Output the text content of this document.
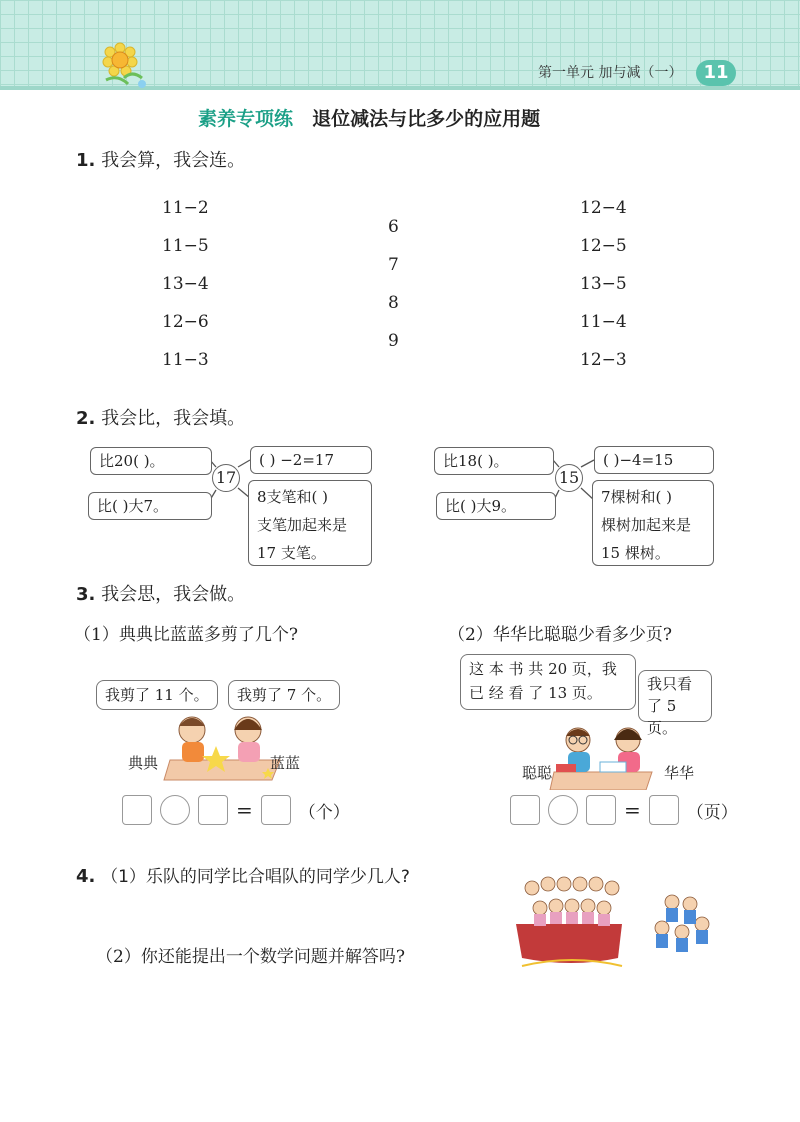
第一单元 加与减（一）	11
素养专项练 退位减法与比多少的应用题
1. 我会算，我会连。
11−2
11−5
13−4
12−6
11−3
6
7
8
9
12−4
12−5
13−5
11−4
12−3
2. 我会比，我会填。
比20( )。
比( )大7。
17
( ) −2=17
8支笔和( )
支笔加起来是
17 支笔。
比18( )。
比( )大9。
15
( )−4=15
7棵树和( )
棵树加起来是
15 棵树。
3. 我会思，我会做。
（1）典典比蓝蓝多剪了几个?	（2）华华比聪聪少看多少页?
我剪了 11 个。	我剪了 7 个。
典典	蓝蓝
=	（个）
这 本 书 共 20 页，我
已 经 看 了 13 页。	我只看
了 5 页。
聪聪	华华
=	（页）
4. （1）乐队的同学比合唱队的同学少几人?
（2）你还能提出一个数学问题并解答吗?
